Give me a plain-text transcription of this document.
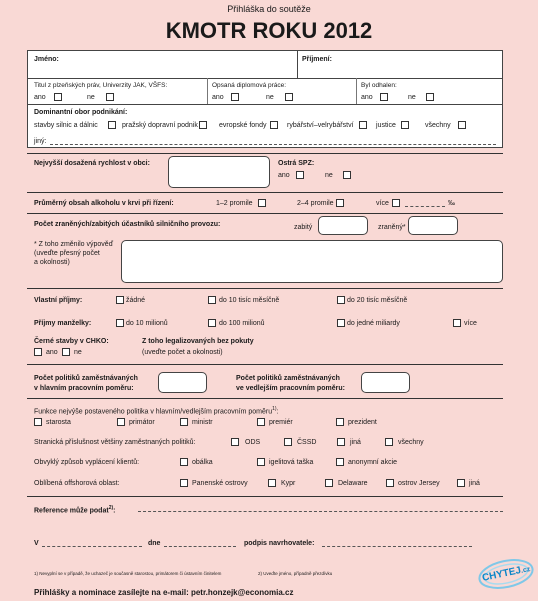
Přihláška do soutěže
KMOTR ROKU 2012
Jméno:	Příjmení:
Titul z plzeňských práv, Univerzity JAK, VŠFS:
ano	ne
Opsaná diplomová práce:
ano	ne
Byl odhalen:
ano	ne
Dominantní obor podnikání:
stavby silnic a dálnic	pražský dopravní podnik	evropské fondy	rybářství–velrybářství	justice	všechny
jiný:
Nejvyšší dosažená rychlost v obci:	Ostrá SPZ:
ano	ne
Průměrný obsah alkoholu v krvi při řízení:	1–2 promile	2–4 promile	více	‰
Počet zraněných/zabitých účastníků silničního provozu:	zabitý	zraněný*
* Z toho změnilo výpověď
(uveďte přesný počet
a okolnosti)
Vlastní příjmy:	žádné	do 10 tisíc měsíčně	do 20 tisíc měsíčně
Příjmy manželky:	do 10 milionů	do 100 milionů	do jedné miliardy	více
Černé stavby v CHKO:
ano ne
Z toho legalizovaných bez pokuty
(uveďte počet a okolnosti)
Počet politiků zaměstnávaných
v hlavním pracovním poměru:
Počet politiků zaměstnávaných
ve vedlejším pracovním poměru:
Funkce nejvýše postaveného politika v hlavním/vedlejším pracovním poměru$^{1)}$:
starosta	primátor	ministr	premiér	prezident
Stranická příslušnost většiny zaměstnaných politiků:	ODS	ČSSD	jiná	všechny
Obvyklý způsob vyplácení klientů:	obálka	igelitová taška	anonymní akcie
Oblíbená offshorová oblast:	Panenské ostrovy	Kypr	Delaware	ostrov Jersey	jiná
Reference může podat$^{2)}$:
V	dne	podpis navrhovatele:
1) Nevyplní se v případě, že uchazeč je současně starostou, primátorem či ústavním činitelem	2) Uveďte jméno, případně přezdívku
Přihlášky a nominace zasílejte na e-mail: petr.honzejk@economia.cz
CHYTEJ.cz
